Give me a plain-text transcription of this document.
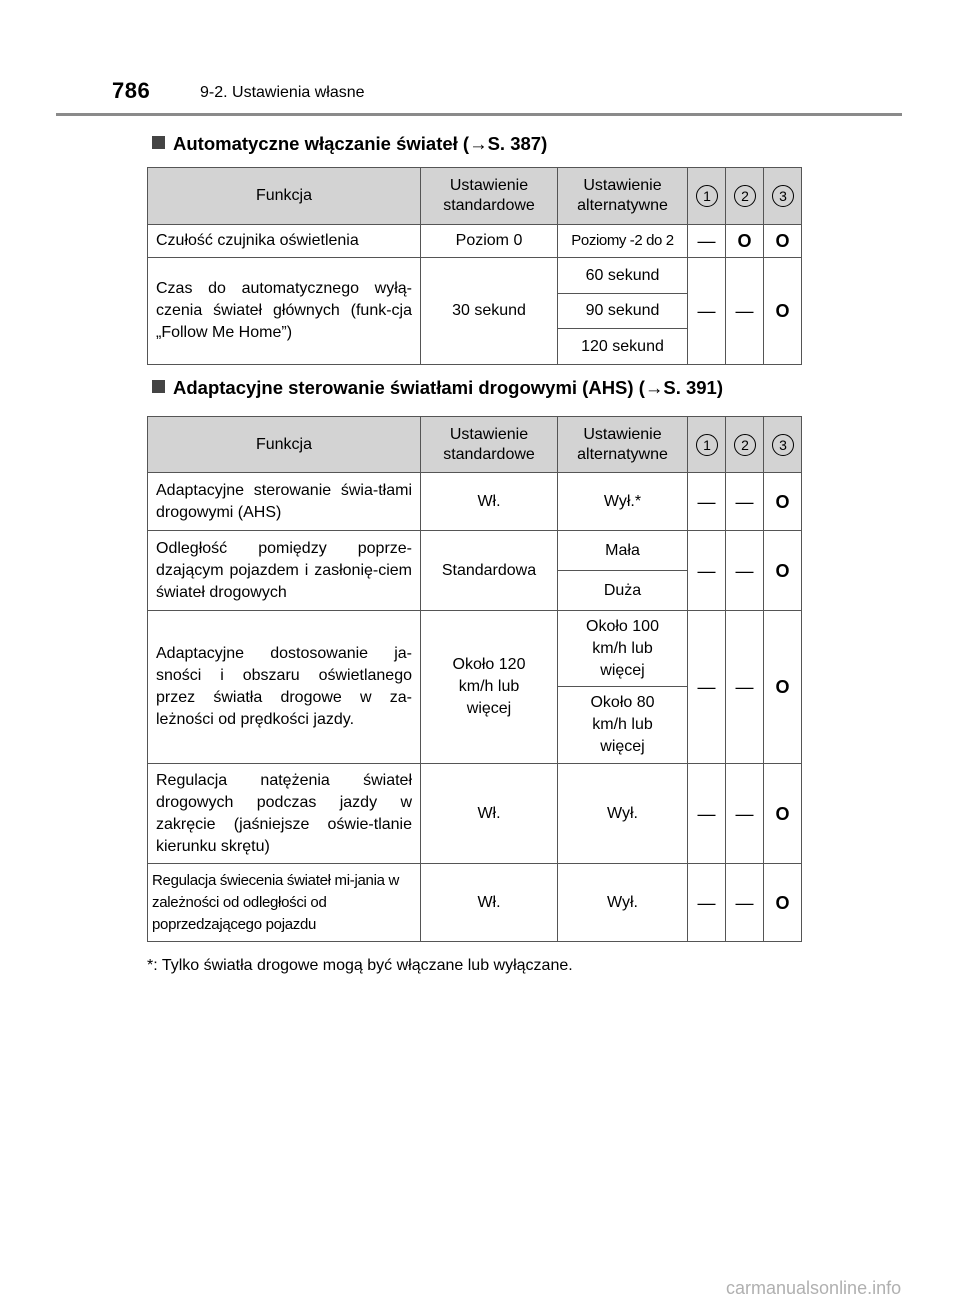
786	9-2. Ustawienia własne
Automatyczne włączanie świateł (→S. 387)
Funkcja	Ustawienie standardowe	Ustawienie alternatywne	1	2	3
Czułość czujnika oświetlenia	Poziom 0	Poziomy -2 do 2	—	O	O
Czas do automatycznego wyłą-czenia świateł głównych (funk-cja „Follow Me Home”)	30 sekund	60 sekund	—	—	O
		90 sekund			
		120 sekund			
Adaptacyjne sterowanie światłami drogowymi (AHS) (→S. 391)
Funkcja	Ustawienie standardowe	Ustawienie alternatywne	1	2	3
Adaptacyjne sterowanie świa-tłami drogowymi (AHS)	Wł.	Wył.*	—	—	O
Odległość pomiędzy poprze-dzającym pojazdem i zasłonię-ciem świateł drogowych	Standardowa	Mała	—	—	O
		Duża			
Adaptacyjne dostosowanie ja-sności i obszaru oświetlanego przez światła drogowe w za-leżności od prędkości jazdy.	Około 120 km/h lub więcej	Około 100 km/h lub więcej	—	—	O
		Około 80 km/h lub więcej			
Regulacja natężenia świateł drogowych podczas jazdy w zakręcie (jaśniejsze oświe-tlanie kierunku skrętu)	Wł.	Wył.	—	—	O
Regulacja świecenia świateł mi-jania w zależności od odległości od poprzedzającego pojazdu	Wł.	Wył.	—	—	O
*: Tylko światła drogowe mogą być włączane lub wyłączane.
carmanualsonline.info
